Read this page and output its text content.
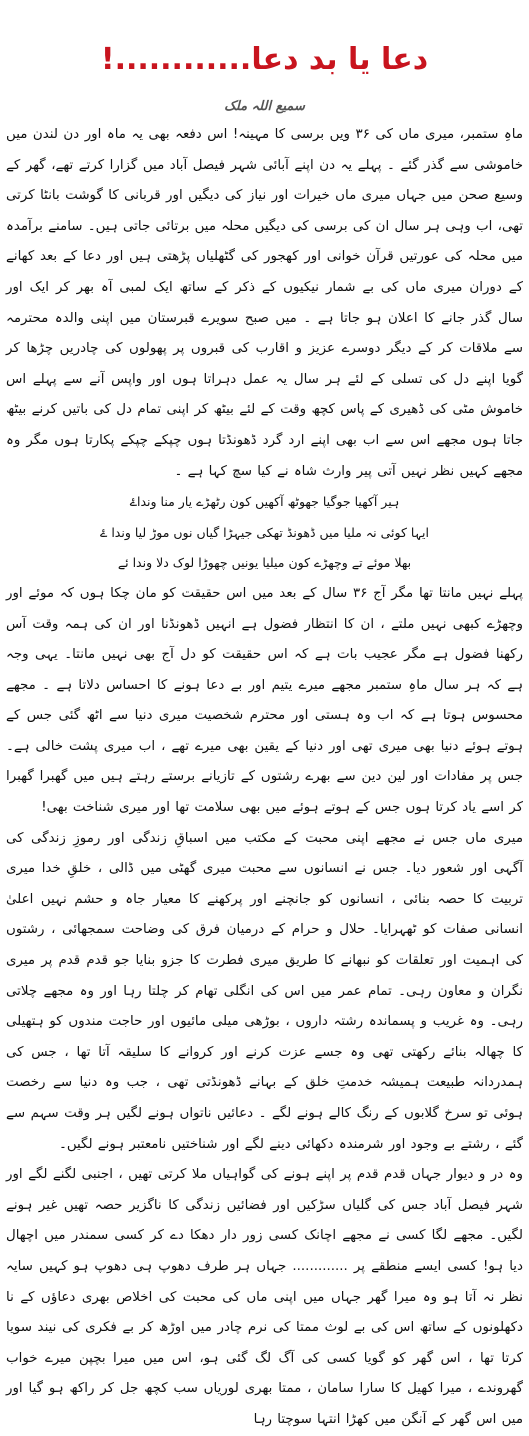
دعا یا بد دعا............!
سمیع اللہ ملک

ماہِ ستمبر، میری ماں کی ۳۶ ویں برسی کا مہینہ! اس دفعہ بھی یہ ماہ اور دن لندن میں خاموشی سے گذر گئے ۔ پہلے یہ دن اپنے آبائی شہر فیصل آباد میں گزارا کرتے تھے، گھر کے وسیع صحن میں جہاں میری ماں خیرات اور نیاز کی دیگیں اور قربانی کا گوشت بانٹا کرتی تھی، اب وہی ہر سال ان کی برسی کی دیگیں محلہ میں برتائی جاتی ہیں۔ سامنے برآمدہ میں محلہ کی عورتیں قرآن خوانی اور کھجور کی گٹھلیاں پڑھتی ہیں اور دعا کے بعد کھانے کے دوران میری ماں کی بے شمار نیکیوں کے ذکر کے ساتھ ایک لمبی آہ بھر کر ایک اور سال گذر جانے کا اعلان ہو جاتا ہے ۔ میں صبح سویرے قبرستان میں اپنی والدہ محترمہ سے ملاقات کر کے دیگر دوسرے عزیز و اقارب کی قبروں پر پھولوں کی چادریں چڑھا کر گویا اپنے دل کی تسلی کے لئے ہر سال یہ عمل دہراتا ہوں اور واپس آنے سے پہلے اس خاموش مٹی کی ڈھیری کے پاس کچھ وقت کے لئے بیٹھ کر اپنی تمام دل کی باتیں کرنے بیٹھ جاتا ہوں مجھے اس سے اب بھی اپنے ارد گرد ڈھونڈتا ہوں چپکے چپکے پکارتا ہوں مگر وہ مجھے کہیں نظر نہیں آتی پیر وارث شاہ نے کیا سچ کہا ہے ۔

ہیر آکھیا جوگیا جھوٹھ آکھیں کون رٹھڑے یار منا ونداۓ

ایہا کوئی نہ ملیا میں ڈھونڈ تھکی جیہڑا گیاں نوں موڑ لیا وندا ۓ

بھلا موئے تے وچھڑے کون میلیا یونیں چھوڑا لوک دلا وندا ئے

پہلے نہیں مانتا تھا مگر آج ۳۶ سال کے بعد میں اس حقیقت کو مان چکا ہوں کہ موئے اور وچھڑے کبھی نہیں ملتے ، ان کا انتظار فضول ہے انہیں ڈھونڈنا اور ان کی ہمہ وقت آس رکھنا فضول ہے مگر عجیب بات ہے کہ اس حقیقت کو دل آج بھی نہیں مانتا۔ یہی وجہ ہے کہ ہر سال ماہِ ستمبر مجھے میرے یتیم اور بے دعا ہونے کا احساس دلاتا ہے ۔ مجھے محسوس ہوتا ہے کہ اب وہ ہستی اور محترم شخصیت میری دنیا سے اٹھ گئی جس کے ہوتے ہوئے دنیا بھی میری تھی اور دنیا کے یقین بھی میرے تھے ، اب میری پشت خالی ہے۔ جس پر مفادات اور لین دین سے بھرے رشتوں کے تازیانے برستے رہتے ہیں میں گھبرا گھبرا کر اسے یاد کرتا ہوں جس کے ہوتے ہوئے میں بھی سلامت تھا اور میری شناخت بھی!

میری ماں جس نے مجھے اپنی محبت کے مکتب میں اسباقِ زندگی اور رموزِ زندگی کی آگہی اور شعور دیا۔ جس نے انسانوں سے محبت میری گھٹی میں ڈالی ، خلقِ خدا میری تربیت کا حصہ بنائی ، انسانوں کو جانچنے اور پرکھنے کا معیار جاہ و حشم نہیں اعلیٰ انسانی صفات کو ٹھہرایا۔ حلال و حرام کے درمیان فرق کی وضاحت سمجھائی ، رشتوں کی اہمیت اور تعلقات کو نبھانے کا طریق میری فطرت کا جزو بنایا جو قدم قدم پر میری نگران و معاون رہی۔ تمام عمر میں اس کی انگلی تھام کر چلتا رہا اور وہ مجھے چلاتی رہی۔ وہ غریب و پسماندہ رشتہ داروں ، بوڑھی میلی مائیوں اور حاجت مندوں کو ہتھیلی کا چھالہ بنائے رکھتی تھی وہ جسے عزت کرنے اور کروانے کا سلیقہ آتا تھا ، جس کی ہمدردانہ طبیعت ہمیشہ خدمتِ خلق کے بہانے ڈھونڈتی تھی ، جب وہ دنیا سے رخصت ہوئی تو سرخ گلابوں کے رنگ کالے ہونے لگے ۔ دعائیں ناتواں ہونے لگیں ہر وقت سہم سے گئے ، رشتے بے وجود اور شرمندہ دکھائی دینے لگے اور شناختیں نامعتبر ہونے لگیں۔

وہ در و دیوار جہاں قدم قدم پر اپنے ہونے کی گواہیاں ملا کرتی تھیں ، اجنبی لگنے لگے اور شہر فیصل آباد جس کی گلیاں سڑکیں اور فضائیں زندگی کا ناگزیر حصہ تھیں غیر ہونے لگیں۔ مجھے لگا کسی نے مجھے اچانک کسی زور دار دھکا دے کر کسی سمندر میں اچھال دیا ہو! کسی ایسے منطقے پر ............. جہاں ہر طرف دھوپ ہی دھوپ ہو کہیں سایہ نظر نہ آتا ہو وہ میرا گھر جہاں میں اپنی ماں کی محبت کی اخلاص بھری دعاؤں کے نا دکھلونوں کے ساتھ اس کی بے لوث ممتا کی نرم چادر میں اوڑھ کر بے فکری کی نیند سویا کرتا تھا ، اس گھر کو گویا کسی کی آگ لگ گئی ہو، اس میں میرا بچپن میرے خواب گھروندے ، میرا کھیل کا سارا سامان ، ممتا بھری لوریاں سب کچھ جل کر راکھ ہو گیا اور میں اس گھر کے آنگن میں کھڑا انتہا سوچتا رہا
